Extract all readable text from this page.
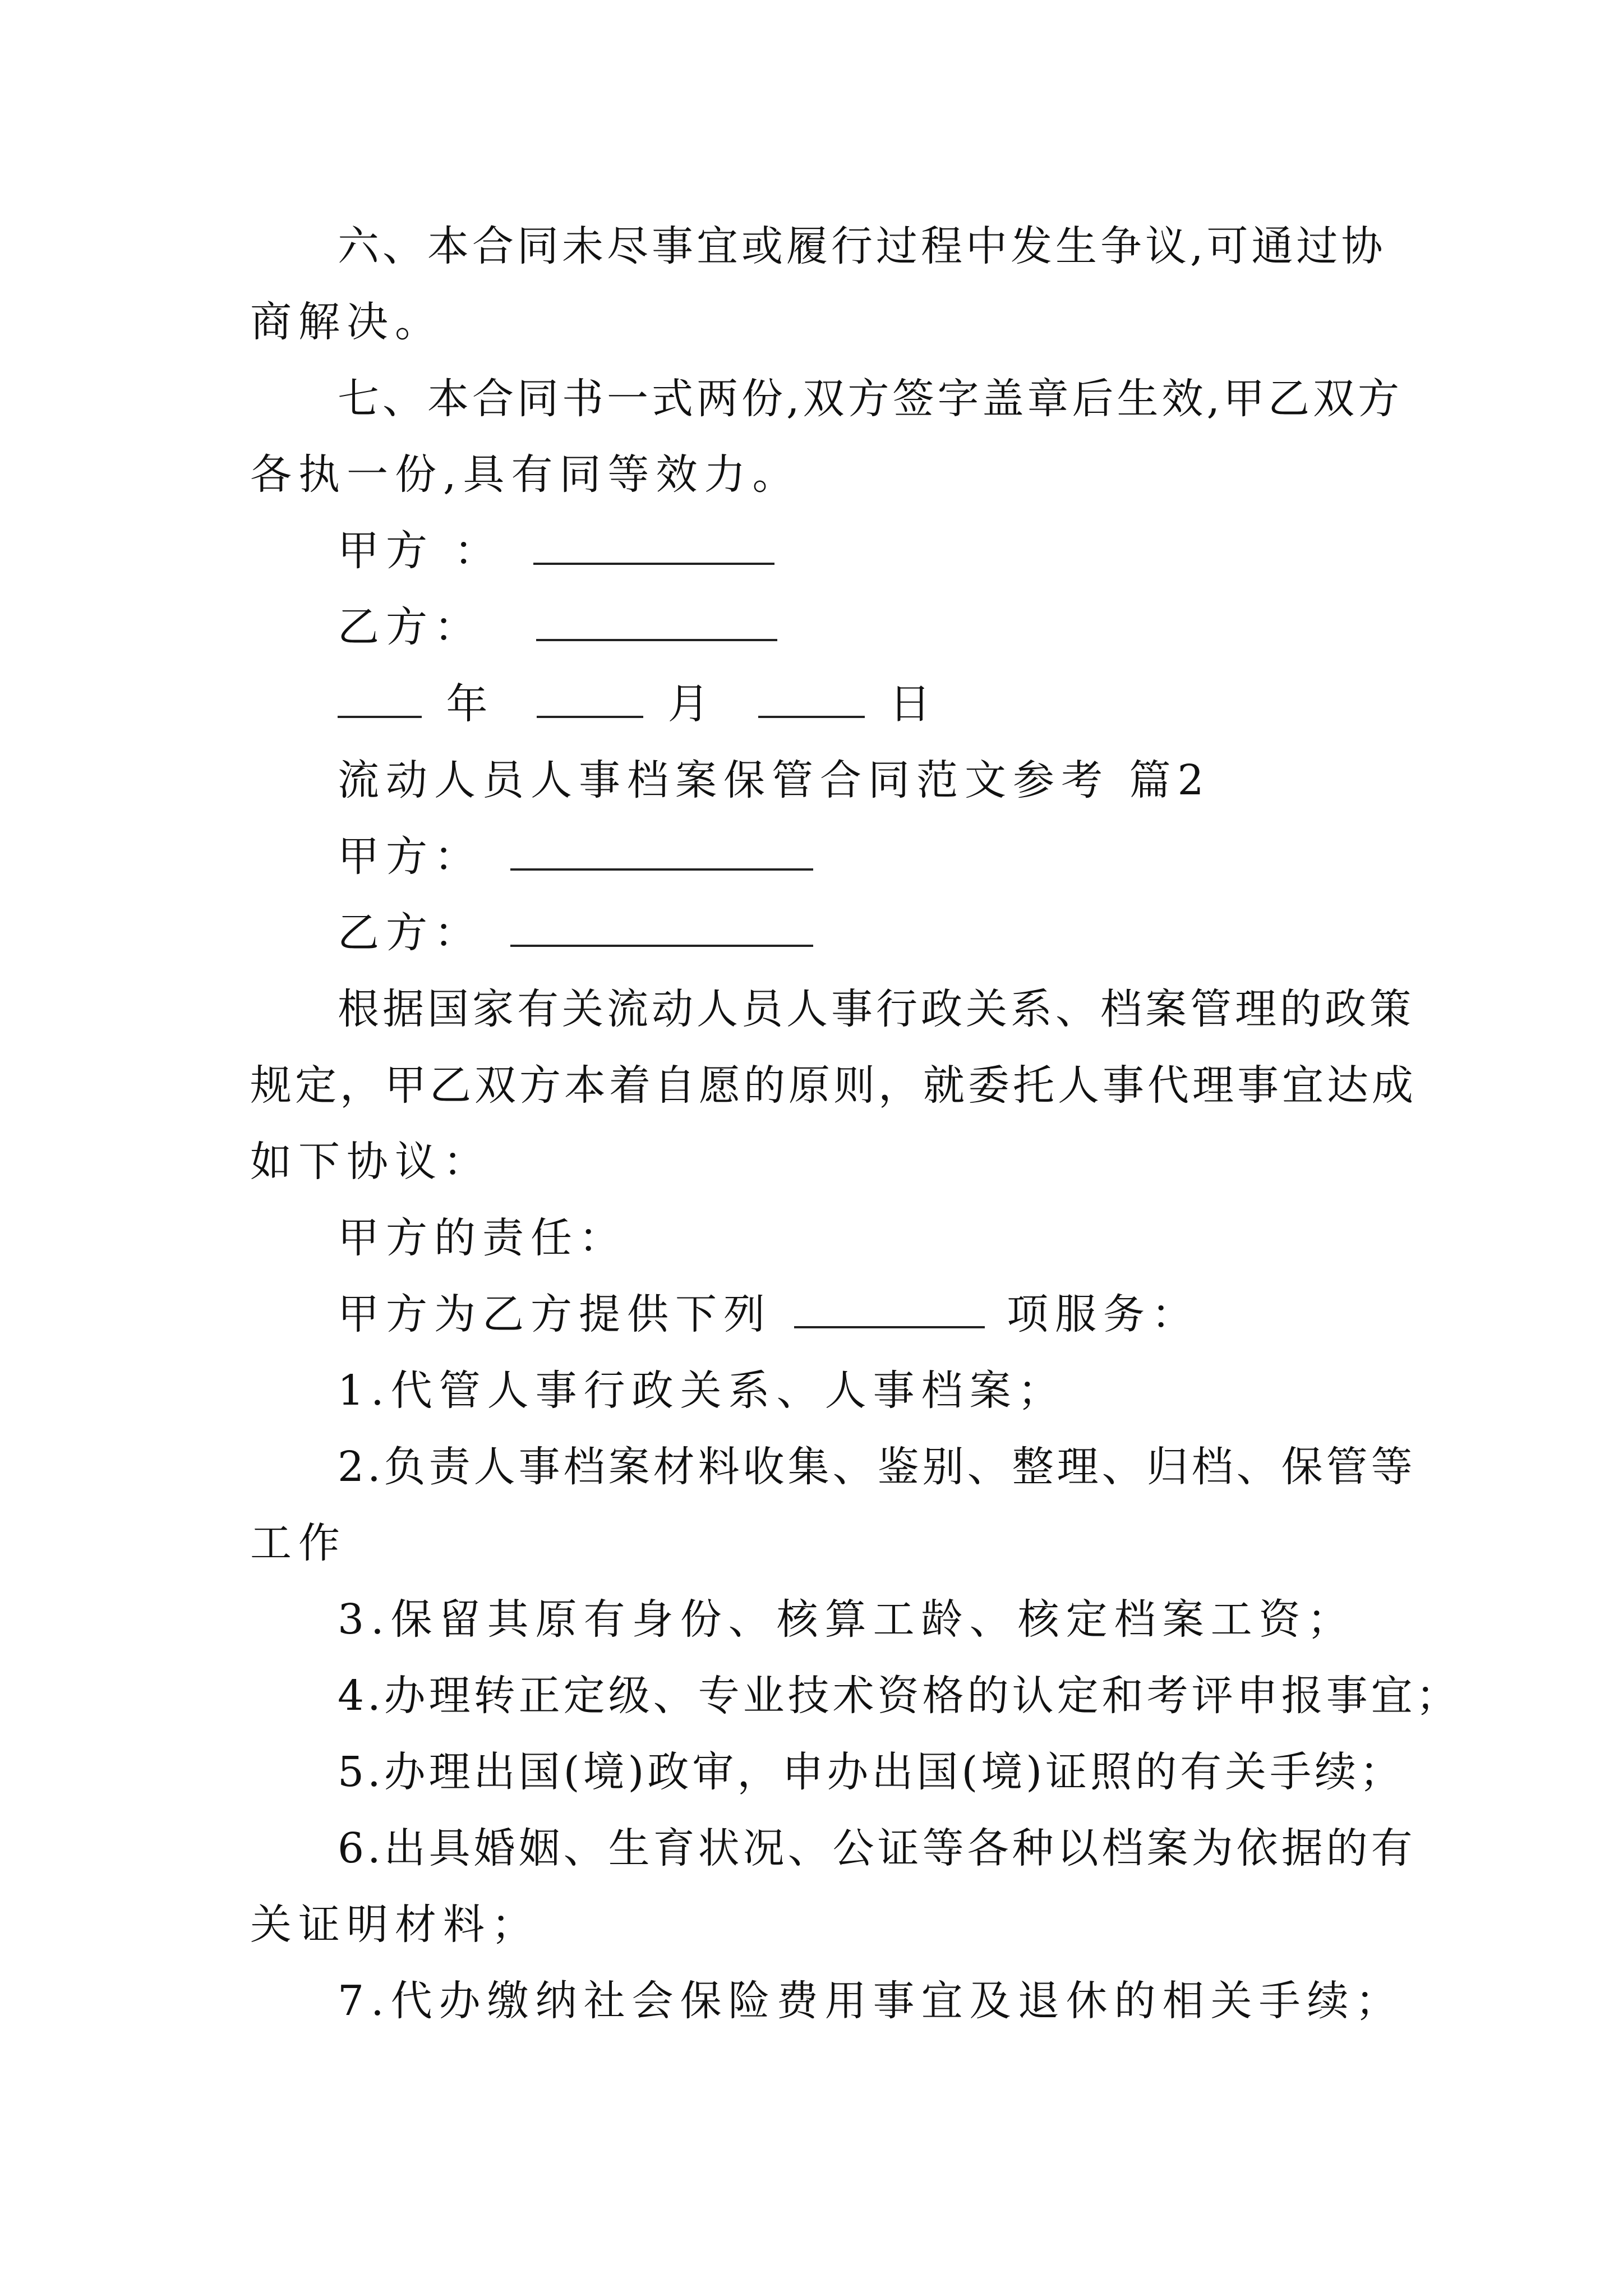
六、本合同未尽事宜或履行过程中发生争议,可通过协
商解决。
七、本合同书一式两份,双方签字盖章后生效,甲乙双方
各执一份,具有同等效力。
甲方 ：
乙方：
年	月	日
流动人员人事档案保管合同范文参考 篇2
甲方：
乙方：
根据国家有关流动人员人事行政关系、档案管理的政策
规定，甲乙双方本着自愿的原则，就委托人事代理事宜达成
如下协议：
甲方的责任：
甲方为乙方提供下列	项服务：
1.代管人事行政关系、人事档案；
2.负责人事档案材料收集、鉴别、整理、归档、保管等
工作
3.保留其原有身份、核算工龄、核定档案工资；
4.办理转正定级、专业技术资格的认定和考评申报事宜；
5.办理出国(境)政审，申办出国(境)证照的有关手续；
6.出具婚姻、生育状况、公证等各种以档案为依据的有
关证明材料；
7.代办缴纳社会保险费用事宜及退休的相关手续；
